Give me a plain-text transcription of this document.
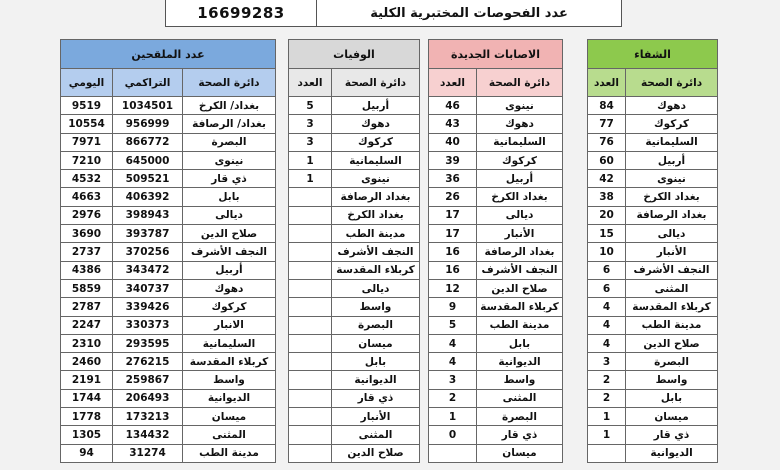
16699283	عدد الفحوصات المختبرية الكلية
الشفاء	
دائرة الصحة	العدد
دهوك	84
كركوك	77
السليمانية	76
أربيل	60
نينوى	42
بغداد الكرخ	38
بغداد الرصافة	20
ديالى	15
الأنبار	10
النجف الأشرف	6
المثنى	6
كربلاء المقدسة	4
مدينة الطب	4
صلاح الدين	4
البصرة	3
واسط	2
بابل	2
ميسان	1
ذي قار	1
الديوانية	
الاصابات الجديدة	
دائرة الصحة	العدد
نينوى	46
دهوك	43
السليمانية	40
كركوك	39
أربيل	36
بغداد الكرخ	26
ديالى	17
الأنبار	17
بغداد الرصافة	16
النجف الأشرف	16
صلاح الدين	12
كربلاء المقدسة	9
مدينة الطب	5
بابل	4
الديوانية	4
واسط	3
المثنى	2
البصرة	1
ذي قار	0
ميسان	
الوفيات	
دائرة الصحة	العدد
أربيل	5
دهوك	3
كركوك	3
السليمانية	1
نينوى	1
بغداد الرصافة	
بغداد الكرخ	
مدينة الطب	
النجف الأشرف	
كربلاء المقدسة	
ديالى	
واسط	
البصرة	
ميسان	
بابل	
الديوانية	
ذي قار	
الأنبار	
المثنى	
صلاح الدين	
عدد الملقحين		
دائرة الصحة	التراكمي	اليومي
بغداد/ الكرخ	1034501	9519
بغداد/ الرصافة	956999	10554
البصرة	866772	7971
نينوى	645000	7210
ذي قار	509521	4532
بابل	406392	4663
ديالى	398943	2976
صلاح الدين	393787	3690
النجف الأشرف	370256	2737
أربيل	343472	4386
دهوك	340737	5859
كركوك	339426	2787
الانبار	330373	2247
السليمانية	293595	2310
كربلاء المقدسة	276215	2460
واسط	259867	2191
الديوانية	206493	1744
ميسان	173213	1778
المثنى	134432	1305
مدينة الطب	31274	94
